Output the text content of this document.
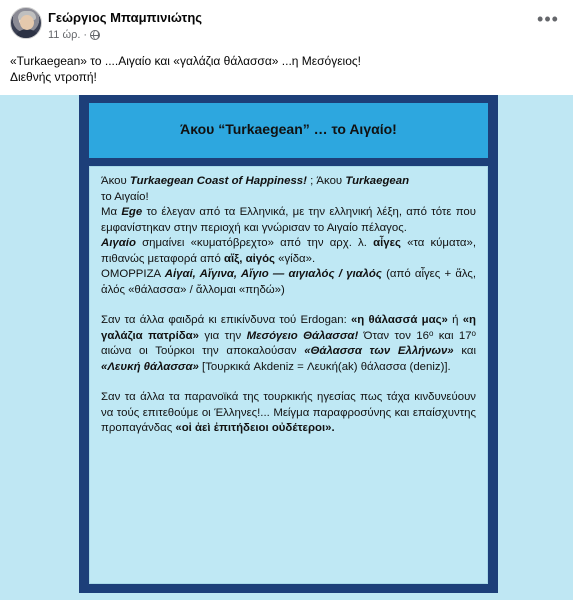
Γεώργιος Μπαμπινιώτης
11 ώρ. ·
•••
«Turkaegean» το ....Αιγαίο και «γαλάζια θάλασσα» ...η Μεσόγειος!
Διεθνής ντροπή!
Άκου “Turkaegean” … το Αιγαίο!

Άκου Turkaegean Coast of Happiness! ; Άκου Turkaegean
το Αιγαίο!

Μα Ege το έλεγαν από τα Ελληνικά, με την ελληνική λέξη, από τότε που εμφανίστηκαν στην περιοχή και γνώρισαν το Αιγαίο πέλαγος.

Αιγαίο σημαίνει «κυματόβρεχτο» από την αρχ. λ. αἶγες «τα κύματα», πιθανώς μεταφορά από αἴξ, αἰγός «γίδα».

ΟΜΟΡΡΙΖΑ Αἰγαί, Αἴγινα, Αἴγιο — αιγιαλός / γιαλός (από αἶγες + ἅλς, ἁλός «θάλασσα» / ἅλλομαι «πηδώ»)

Σαν τα άλλα φαιδρά κι επικίνδυνα τού Erdogan: «η θάλασσά μας» ή «η γαλάζια πατρίδα» για την Μεσόγειο Θάλασσα! Όταν τον $16^o$ και $17^o$ αιώνα οι Τούρκοι την αποκαλούσαν «Θάλασσα των Ελλήνων» και «Λευκή θάλασσα» [Τουρκικά Akdeniz = Λευκή(ak) θάλασσα (deniz)].

Σαν τα άλλα τα παρανοϊκά της τουρκικής ηγεσίας πως τάχα κινδυνεύουν να τούς επιτεθούμε οι Έλληνες!... Μείγμα παραφροσύνης και επαίσχυντης προπαγάνδας «οἱ ἀεὶ ἐπιτήδειοι οὐδέτεροι».
